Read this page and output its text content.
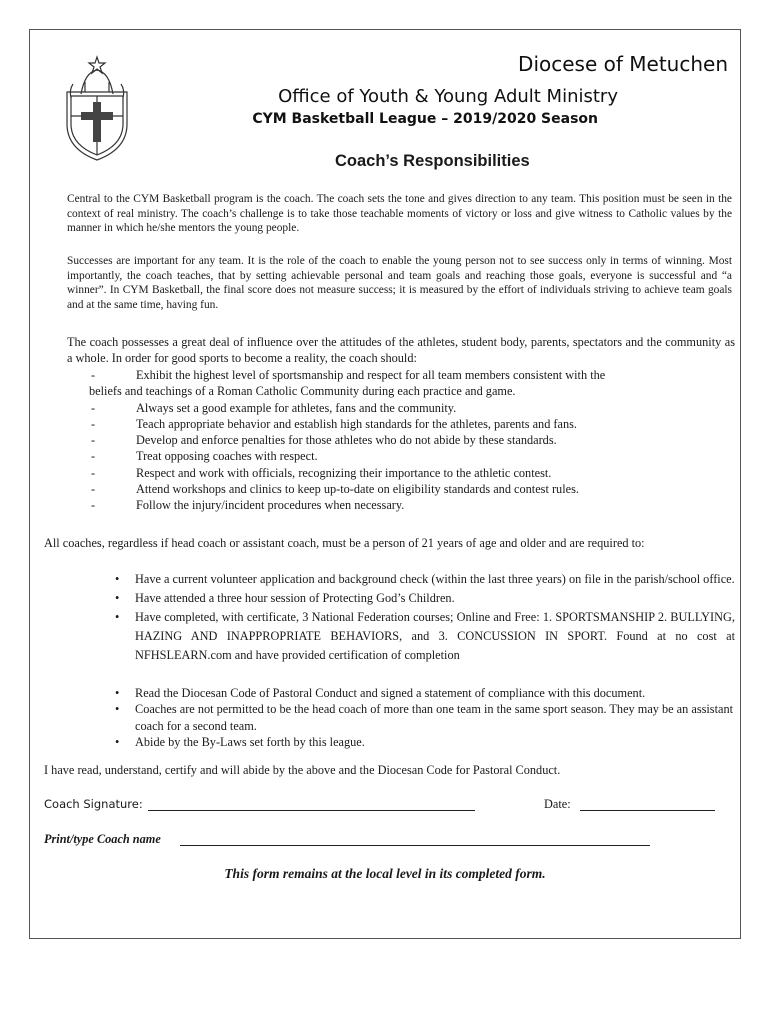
Diocese of Metuchen
Office of Youth & Young Adult Ministry
CYM Basketball League – 2019/2020 Season
Coach’s Responsibilities
Central to the CYM Basketball program is the coach. The coach sets the tone and gives direction to any team. This position must be seen in the context of real ministry. The coach’s challenge is to take those teachable moments of victory or loss and give witness to Catholic values by the manner in which he/she mentors the young people.
Successes are important for any team. It is the role of the coach to enable the young person not to see success only in terms of winning. Most importantly, the coach teaches, that by setting achievable personal and team goals and reaching those goals, everyone is successful and “a winner”. In CYM Basketball, the final score does not measure success; it is measured by the effort of individuals striving to achieve team goals and at the same time, having fun.
The coach possesses a great deal of influence over the attitudes of the athletes, student body, parents, spectators and the community as a whole. In order for good sports to become a reality, the coach should:
- Exhibit the highest level of sportsmanship and respect for all team members consistent with the
beliefs and teachings of a Roman Catholic Community during each practice and game.
- Always set a good example for athletes, fans and the community.
- Teach appropriate behavior and establish high standards for the athletes, parents and fans.
- Develop and enforce penalties for those athletes who do not abide by these standards.
- Treat opposing coaches with respect.
- Respect and work with officials, recognizing their importance to the athletic contest.
- Attend workshops and clinics to keep up-to-date on eligibility standards and contest rules.
- Follow the injury/incident procedures when necessary.
All coaches, regardless if head coach or assistant coach, must be a person of 21 years of age and older and are required to:
• Have a current volunteer application and background check (within the last three years) on file in the parish/school office.
• Have attended a three hour session of Protecting God’s Children.
• Have completed, with certificate, 3 National Federation courses; Online and Free: 1. SPORTSMANSHIP 2. BULLYING, HAZING AND INAPPROPRIATE BEHAVIORS, and 3. CONCUSSION IN SPORT. Found at no cost at NFHSLEARN.com and have provided certification of completion
• Read the Diocesan Code of Pastoral Conduct and signed a statement of compliance with this document.
• Coaches are not permitted to be the head coach of more than one team in the same sport season. They may be an assistant coach for a second team.
• Abide by the By-Laws set forth by this league.
I have read, understand, certify and will abide by the above and the Diocesan Code for Pastoral Conduct.
Coach Signature:	Date:
Print/type Coach name
This form remains at the local level in its completed form.
